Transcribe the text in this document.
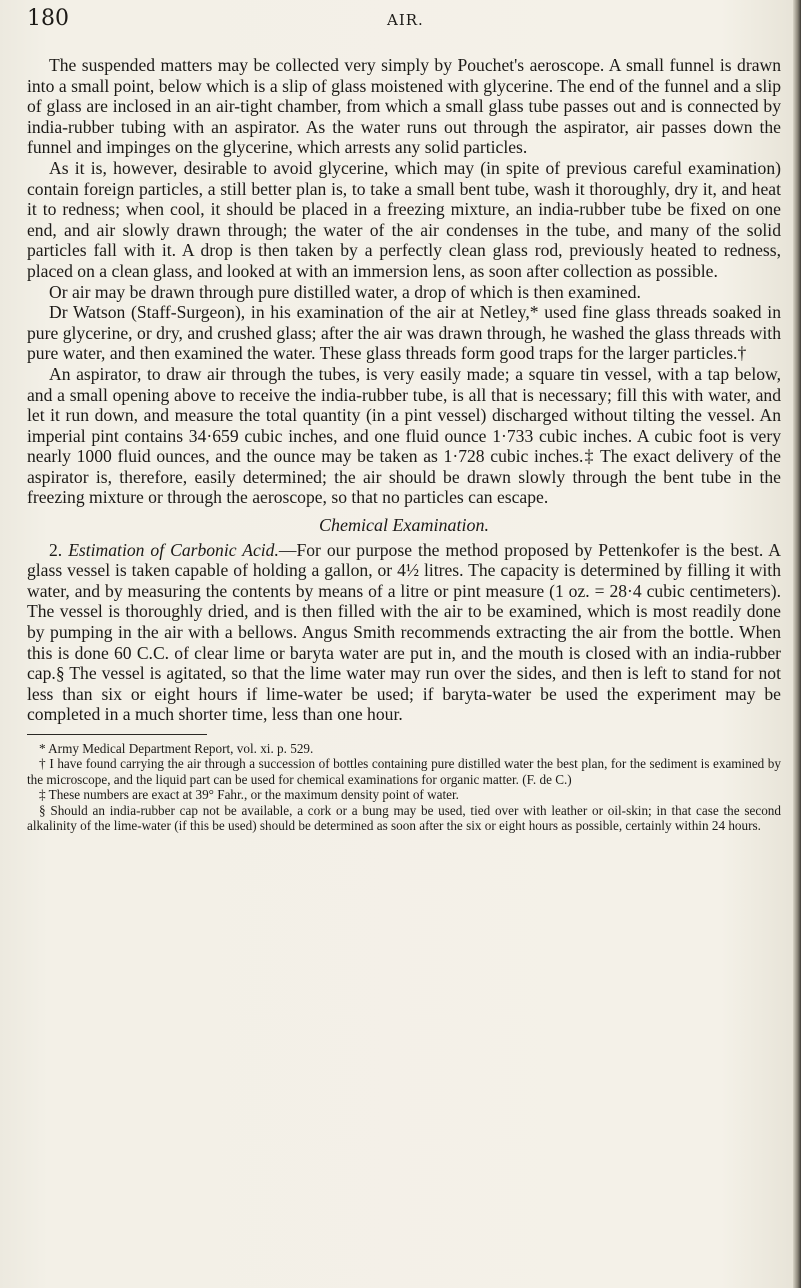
180	AIR.

The suspended matters may be collected very simply by Pouchet's aeroscope. A small funnel is drawn into a small point, below which is a slip of glass moistened with glycerine. The end of the funnel and a slip of glass are inclosed in an air-tight chamber, from which a small glass tube passes out and is connected by india-rubber tubing with an aspirator. As the water runs out through the aspirator, air passes down the funnel and impinges on the glycerine, which arrests any solid particles.

As it is, however, desirable to avoid glycerine, which may (in spite of previous careful examination) contain foreign particles, a still better plan is, to take a small bent tube, wash it thoroughly, dry it, and heat it to redness; when cool, it should be placed in a freezing mixture, an india-rubber tube be fixed on one end, and air slowly drawn through; the water of the air condenses in the tube, and many of the solid particles fall with it. A drop is then taken by a perfectly clean glass rod, previously heated to redness, placed on a clean glass, and looked at with an immersion lens, as soon after collection as possible.

Or air may be drawn through pure distilled water, a drop of which is then examined.

Dr Watson (Staff-Surgeon), in his examination of the air at Netley,* used fine glass threads soaked in pure glycerine, or dry, and crushed glass; after the air was drawn through, he washed the glass threads with pure water, and then examined the water. These glass threads form good traps for the larger particles.†

An aspirator, to draw air through the tubes, is very easily made; a square tin vessel, with a tap below, and a small opening above to receive the india-rubber tube, is all that is necessary; fill this with water, and let it run down, and measure the total quantity (in a pint vessel) discharged without tilting the vessel. An imperial pint contains 34·659 cubic inches, and one fluid ounce 1·733 cubic inches. A cubic foot is very nearly 1000 fluid ounces, and the ounce may be taken as 1·728 cubic inches.‡ The exact delivery of the aspirator is, therefore, easily determined; the air should be drawn slowly through the bent tube in the freezing mixture or through the aeroscope, so that no particles can escape.

Chemical Examination.

2. Estimation of Carbonic Acid.—For our purpose the method proposed by Pettenkofer is the best. A glass vessel is taken capable of holding a gallon, or 4½ litres. The capacity is determined by filling it with water, and by measuring the contents by means of a litre or pint measure (1 oz. = 28·4 cubic centimeters). The vessel is thoroughly dried, and is then filled with the air to be examined, which is most readily done by pumping in the air with a bellows. Angus Smith recommends extracting the air from the bottle. When this is done 60 C.C. of clear lime or baryta water are put in, and the mouth is closed with an india-rubber cap.§ The vessel is agitated, so that the lime water may run over the sides, and then is left to stand for not less than six or eight hours if lime-water be used; if baryta-water be used the experiment may be completed in a much shorter time, less than one hour.

* Army Medical Department Report, vol. xi. p. 529.

† I have found carrying the air through a succession of bottles containing pure distilled water the best plan, for the sediment is examined by the microscope, and the liquid part can be used for chemical examinations for organic matter. (F. de C.)

‡ These numbers are exact at 39° Fahr., or the maximum density point of water.

§ Should an india-rubber cap not be available, a cork or a bung may be used, tied over with leather or oil-skin; in that case the second alkalinity of the lime-water (if this be used) should be determined as soon after the six or eight hours as possible, certainly within 24 hours.
